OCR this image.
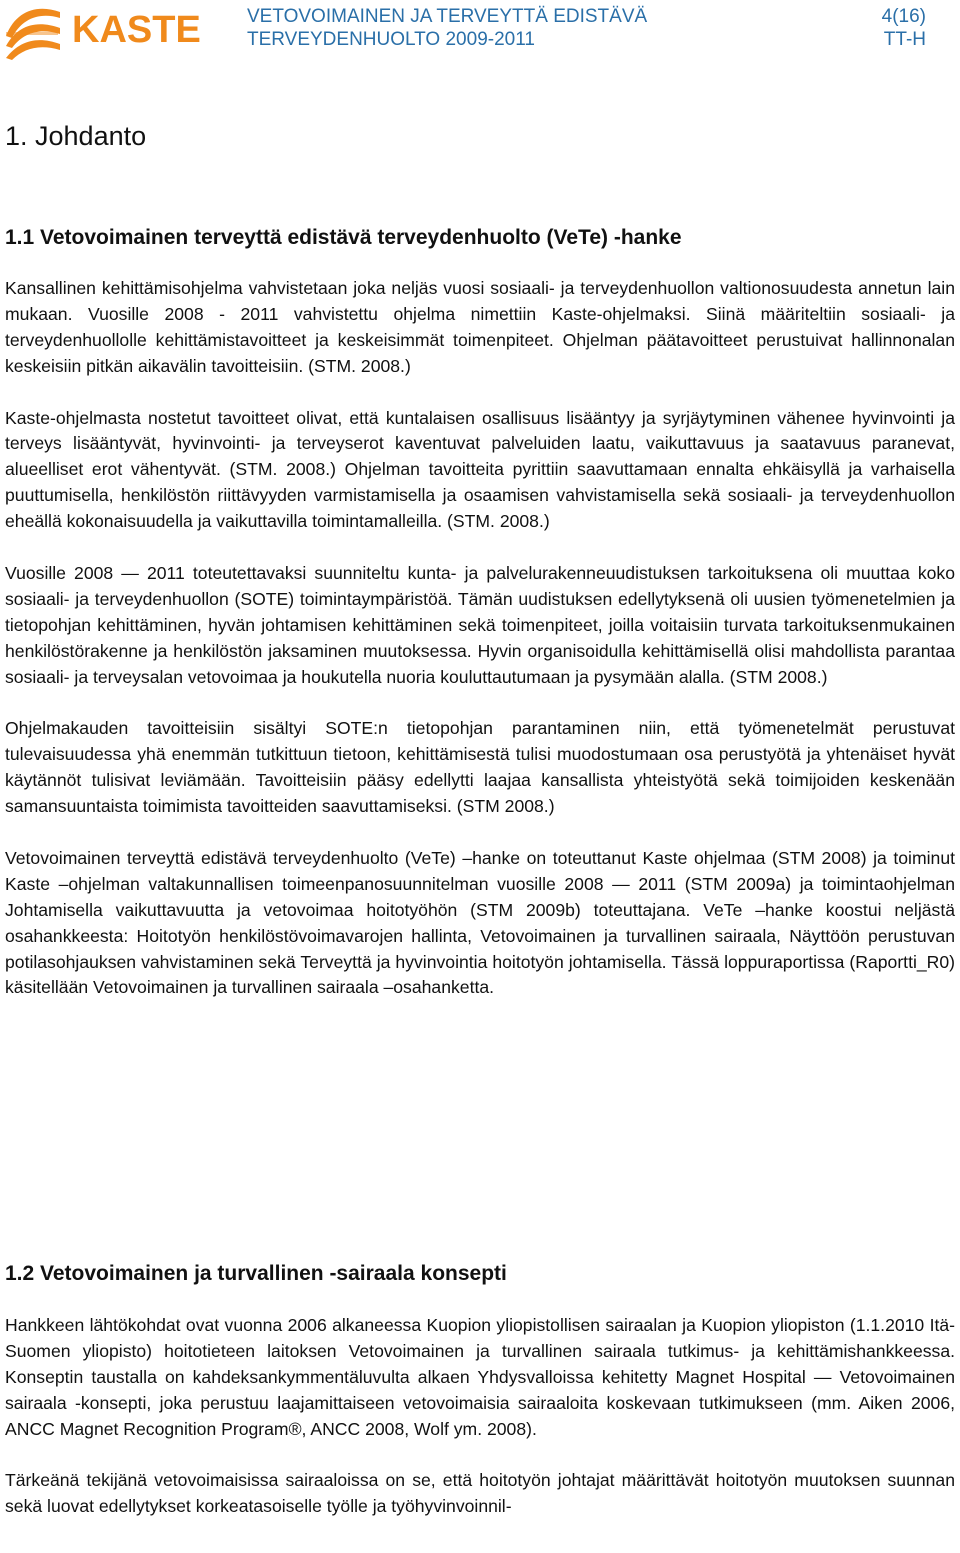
KASTE VETOVOIMAINEN JA TERVEYTTÄ EDISTÄVÄ
TERVEYDENHUOLTO 2009-2011
4(16)
TT-H
1. Johdanto
1.1 Vetovoimainen terveyttä edistävä terveydenhuolto (VeTe) -hanke

Kansallinen kehittämisohjelma vahvistetaan joka neljäs vuosi sosiaali- ja terveydenhuollon valtionosuudesta annetun lain mukaan. Vuosille 2008 - 2011 vahvistettu ohjelma nimettiin Kaste-ohjelmaksi. Siinä määriteltiin sosiaali- ja terveydenhuollolle kehittämistavoitteet ja keskeisimmät toimenpiteet. Ohjelman päätavoitteet perustuivat hallinnonalan keskeisiin pitkän aikavälin tavoitteisiin. (STM. 2008.)

Kaste-ohjelmasta nostetut tavoitteet olivat, että kuntalaisen osallisuus lisääntyy ja syrjäytyminen vähenee hyvinvointi ja terveys lisääntyvät, hyvinvointi- ja terveyserot kaventuvat palveluiden laatu, vaikuttavuus ja saatavuus paranevat, alueelliset erot vähentyvät. (STM. 2008.) Ohjelman tavoitteita pyrittiin saavuttamaan ennalta ehkäisyllä ja varhaisella puuttumisella, henkilöstön riittävyyden varmistamisella ja osaamisen vahvistamisella sekä sosiaali- ja terveydenhuollon eheällä kokonaisuudella ja vaikuttavilla toimintamalleilla. (STM. 2008.)

Vuosille 2008 — 2011 toteutettavaksi suunniteltu kunta- ja palvelurakenneuudistuksen tarkoituksena oli muuttaa koko sosiaali- ja terveydenhuollon (SOTE) toimintaympäristöä. Tämän uudistuksen edellytyksenä oli uusien työmenetelmien ja tietopohjan kehittäminen, hyvän johtamisen kehittäminen sekä toimenpiteet, joilla voitaisiin turvata tarkoituksenmukainen henkilöstörakenne ja henkilöstön jaksaminen muutoksessa. Hyvin organisoidulla kehittämisellä olisi mahdollista parantaa sosiaali- ja terveysalan vetovoimaa ja houkutella nuoria kouluttautumaan ja pysymään alalla. (STM 2008.)

Ohjelmakauden tavoitteisiin sisältyi SOTE:n tietopohjan parantaminen niin, että työmenetelmät perustuvat tulevaisuudessa yhä enemmän tutkittuun tietoon, kehittämisestä tulisi muodostumaan osa perustyötä ja yhtenäiset hyvät käytännöt tulisivat leviämään. Tavoitteisiin pääsy edellytti laajaa kansallista yhteistyötä sekä toimijoiden keskenään samansuuntaista toimimista tavoitteiden saavuttamiseksi. (STM 2008.)

Vetovoimainen terveyttä edistävä terveydenhuolto (VeTe) –hanke on toteuttanut Kaste ohjelmaa (STM 2008) ja toiminut Kaste –ohjelman valtakunnallisen toimeenpanosuunnitelman vuosille 2008 — 2011 (STM 2009a) ja toimintaohjelman Johtamisella vaikuttavuutta ja vetovoimaa hoitotyöhön (STM 2009b) toteuttajana. VeTe –hanke koostui neljästä osahankkeesta: Hoitotyön henkilöstövoimavarojen hallinta, Vetovoimainen ja turvallinen sairaala, Näyttöön perustuvan potilasohjauksen vahvistaminen sekä Terveyttä ja hyvinvointia hoitotyön johtamisella. Tässä loppuraportissa (Raportti_R0) käsitellään Vetovoimainen ja turvallinen sairaala –osahanketta.

1.2 Vetovoimainen ja turvallinen -sairaala konsepti

Hankkeen lähtökohdat ovat vuonna 2006 alkaneessa Kuopion yliopistollisen sairaalan ja Kuopion yliopiston (1.1.2010 Itä-Suomen yliopisto) hoitotieteen laitoksen Vetovoimainen ja turvallinen sairaala tutkimus- ja kehittämishankkeessa. Konseptin taustalla on kahdeksankymmentäluvulta alkaen Yhdysvalloissa kehitetty Magnet Hospital — Vetovoimainen sairaala -konsepti, joka perustuu laajamittaiseen vetovoimaisia sairaaloita koskevaan tutkimukseen (mm. Aiken 2006, ANCC Magnet Recognition Program®, ANCC 2008, Wolf ym. 2008).

Tärkeänä tekijänä vetovoimaisissa sairaaloissa on se, että hoitotyön johtajat määrittävät hoitotyön muutoksen suunnan sekä luovat edellytykset korkeatasoiselle työlle ja työhyvinvoinnil-
